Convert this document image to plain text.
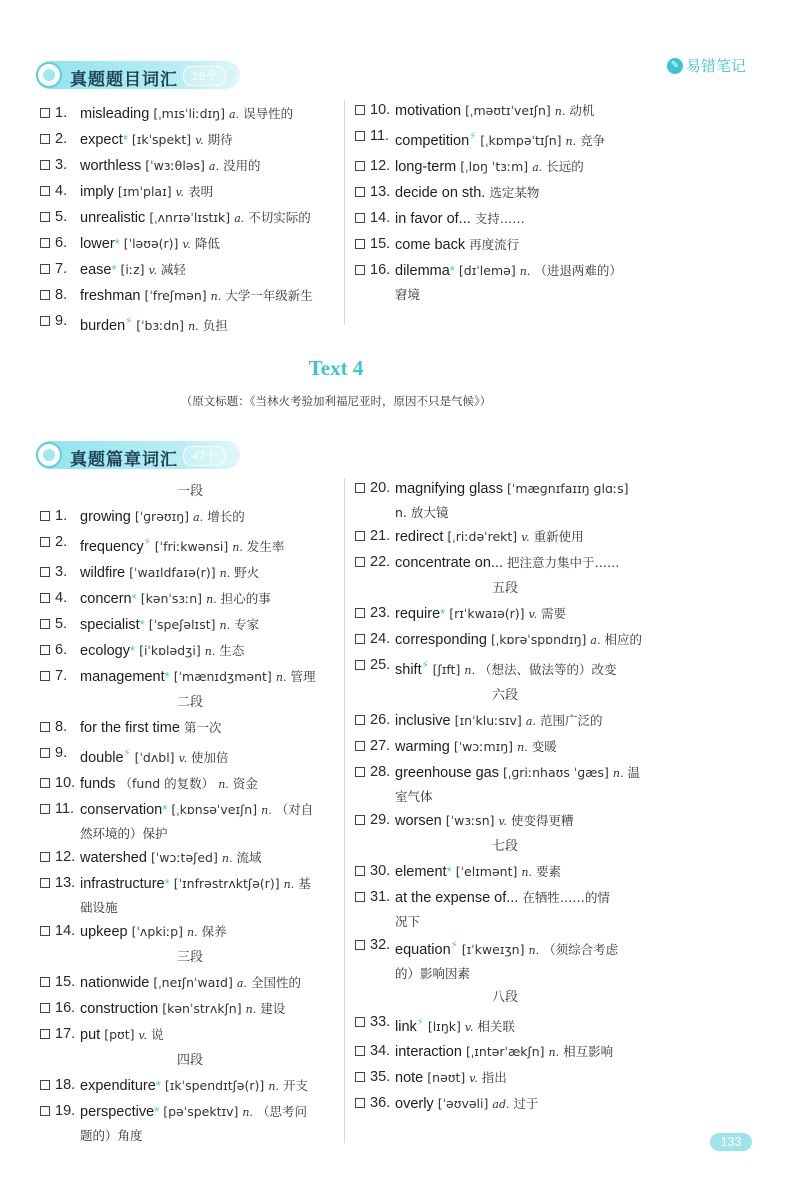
✎ 易错笔记
真题题目词汇	16个 ✳
1. misleading [ˌmɪsˈliːdɪŋ] a. 误导性的
2. expect* [ɪkˈspekt] v. 期待
3. worthless [ˈwɜːθləs] a. 没用的
4. imply [ɪmˈplaɪ] v. 表明
5. unrealistic [ˌʌnrɪəˈlɪstɪk] a. 不切实际的
6. lower* [ˈləʊə(r)] v. 降低
7. ease* [iːz] v. 减轻
8. freshman [ˈfreʃmən] n. 大学一年级新生
9. burden⚡ [ˈbɜːdn] n. 负担
10. motivation [ˌməʊtɪˈveɪʃn] n. 动机
11. competition⚡ [ˌkɒmpəˈtɪʃn] n. 竞争
12. long-term [ˌlɒŋ ˈtɜːm] a. 长远的
13. decide on sth. 选定某物
14. in favor of... 支持……
15. come back 再度流行
16. dilemma* [dɪˈlemə] n. （进退两难的）
窘境
Text 4
（原文标题：《当林火考验加利福尼亚时，原因不只是气候》）
真题篇章词汇	47个
一段
1. growing [ˈɡrəʊɪŋ] a. 增长的
2. frequency⚡ [ˈfriːkwənsi] n. 发生率
3. wildfire [ˈwaɪldfaɪə(r)] n. 野火
4. concern* [kənˈsɜːn] n. 担心的事
5. specialist* [ˈspeʃəlɪst] n. 专家
6. ecology* [iˈkɒlədʒi] n. 生态
7. management* [ˈmænɪdʒmənt] n. 管理
二段
8. for the first time 第一次
9. double⚡ [ˈdʌbl] v. 使加倍
10. funds （fund 的复数） n. 资金
11. conservation* [ˌkɒnsəˈveɪʃn] n. （对自
然环境的）保护
12. watershed [ˈwɔːtəʃed] n. 流域
13. infrastructure* [ˈɪnfrəstrʌktʃə(r)] n. 基
础设施
14. upkeep [ˈʌpkiːp] n. 保养
三段
15. nationwide [ˌneɪʃnˈwaɪd] a. 全国性的
16. construction [kənˈstrʌkʃn] n. 建设
17. put [pʊt] v. 说
四段
18. expenditure* [ɪkˈspendɪtʃə(r)] n. 开支
19. perspective* [pəˈspektɪv] n. （思考问
题的）角度
20. magnifying glass [ˈmæɡnɪfaɪɪŋ ɡlɑːs]
n. 放大镜
21. redirect [ˌriːdəˈrekt] v. 重新使用
22. concentrate on... 把注意力集中于……
五段
23. require* [rɪˈkwaɪə(r)] v. 需要
24. corresponding [ˌkɒrəˈspɒndɪŋ] a. 相应的
25. shift⚡ [ʃɪft] n. （想法、做法等的）改变
六段
26. inclusive [ɪnˈkluːsɪv] a. 范围广泛的
27. warming [ˈwɔːmɪŋ] n. 变暖
28. greenhouse gas [ˌɡriːnhaʊs ˈɡæs] n. 温
室气体
29. worsen [ˈwɜːsn] v. 使变得更糟
七段
30. element* [ˈelɪmənt] n. 要素
31. at the expense of... 在牺牲……的情
况下
32. equation⚡ [ɪˈkweɪʒn] n. （须综合考虑
的）影响因素
八段
33. link⚡ [lɪŋk] v. 相关联
34. interaction [ˌɪntərˈækʃn] n. 相互影响
35. note [nəʊt] v. 指出
36. overly [ˈəʊvəli] ad. 过于
133
